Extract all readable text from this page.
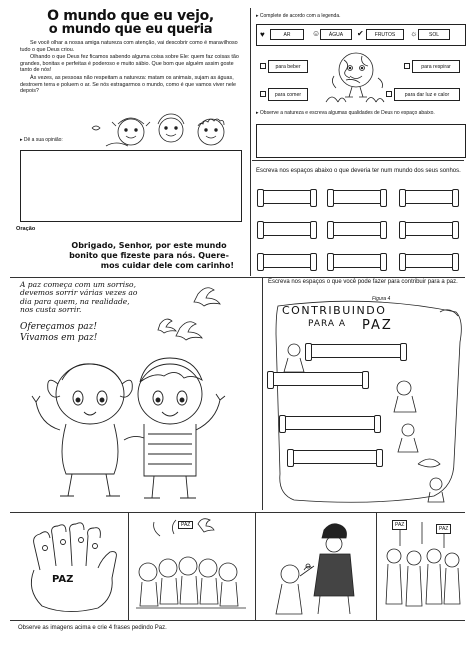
O mundo que eu vejo,
o mundo que eu queria
Se você olhar a nossa amiga natureza com atenção, vai descobrir como é maravilhoso tudo o que Deus criou.
Olhando o que Deus fez ficamos sabendo alguma coisa sobre Ele: quem faz coisas tão grandes, bonitas e perfeitas é poderoso e muito sábio. Que bom que alguém assim goste tanto de nós!
Às vezes, as pessoas não respeitam a natureza: matam os animais, sujam as águas, destroem terra e poluem o ar. Se nós estragarmos o mundo, como é que vamos viver nele depois?
▸ Dê a sua opinião:
Oração
Obrigado, Senhor, por este mundo
bonito que fizeste para nós. Quere-
mos cuidar dele com carinho!
▸ Complete de acordo com a legenda.
♥	☺	✔	☼
AR	ÁGUA	FRUTOS	SOL
para beber	para respirar
para comer	para dar luz e calor
▸ Observe a natureza e escreva algumas qualidades de Deus no espaço abaixo.
Escreva nos espaços abaixo o que deveria ter num mundo dos seus sonhos.
A paz começa com um sorriso,
devemos sorrir várias vezes ao
dia para quem, na realidade,
nos custa sorrir.
Ofereçamos paz!
Vivamos em paz!
Escreva nos espaços o que você pode fazer para contribuir para a paz.
Figura 4
CONTRIBUINDO
PARA A PAZ
PAZ
PAZ	PAZ
PAZ
Observe as imagens acima e crie 4 frases pedindo Paz.
